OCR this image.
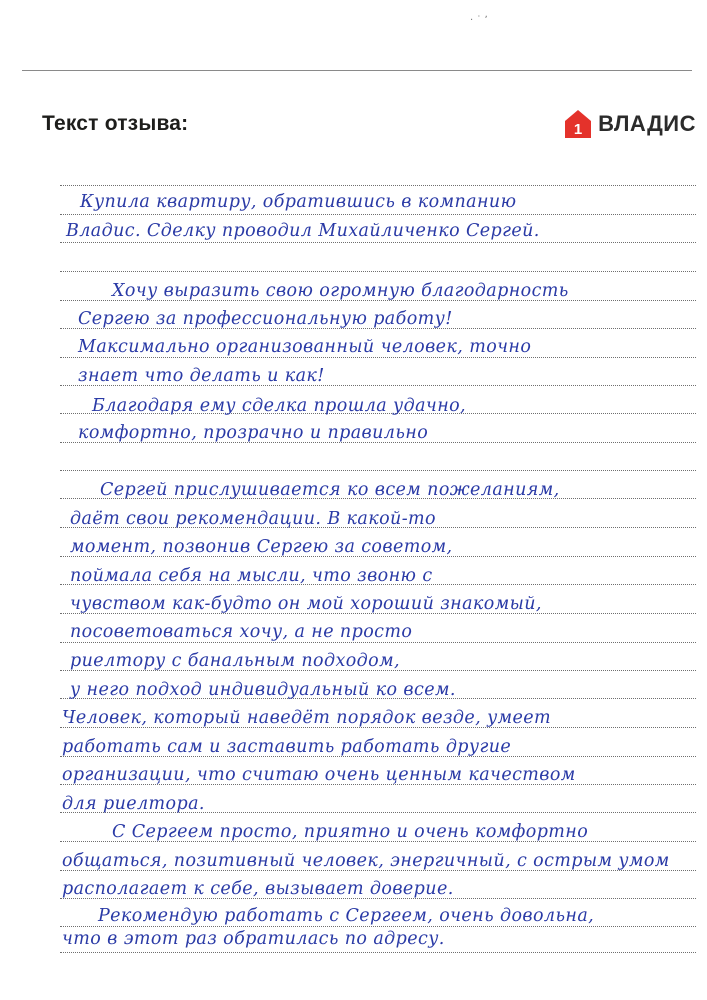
· ˙ ʼ
Текст отзыва:	1 ВЛАДИС
Купила квартиру, обратившись в компанию
Владис. Сделку проводил Михайличенко Сергей.
Хочу выразить свою огромную благодарность
Сергею за профессиональную работу!
Максимально организованный человек, точно
знает что делать и как!
Благодаря ему сделка прошла удачно,
комфортно, прозрачно и правильно
Сергей прислушивается ко всем пожеланиям,
даёт свои рекомендации. В какой-то
момент, позвонив Сергею за советом,
поймала себя на мысли, что звоню с
чувством как-будто он мой хороший знакомый,
посоветоваться хочу, а не просто
риелтору с банальным подходом,
у него подход индивидуальный ко всем.
Человек, который наведёт порядок везде, умеет
работать сам и заставить работать другие
организации, что считаю очень ценным качеством
для риелтора.
С Сергеем просто, приятно и очень комфортно
общаться, позитивный человек, энергичный, с острым умом
располагает к себе, вызывает доверие.
Рекомендую работать с Сергеем, очень довольна,
что в этот раз обратилась по адресу.
